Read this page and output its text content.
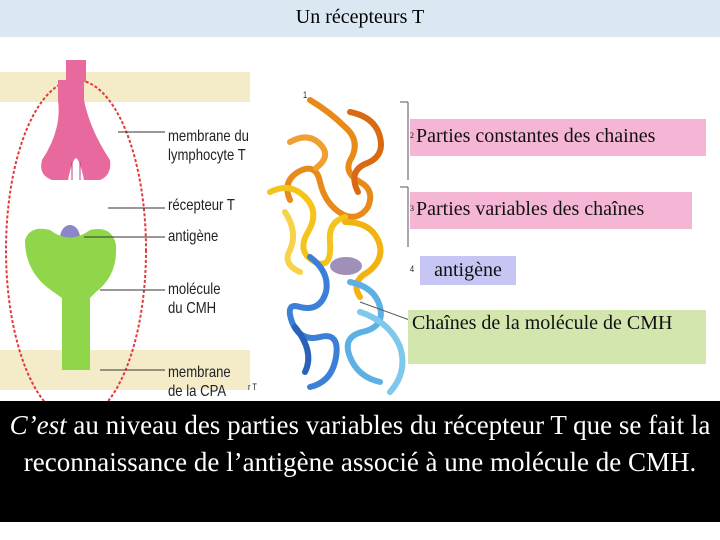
Un récepteurs T
membrane du
lymphocyte T
récepteur T
antigène
molécule
du CMH
membrane
de la CPA
1
4
r T
$^2$ Parties constantes des chaines
$^3$ Parties variables des chaînes
antigène
Chaînes de la molécule de CMH
C’est au niveau des parties variables du récepteur T que se fait la reconnaissance de l’antigène associé à une molécule de CMH.
